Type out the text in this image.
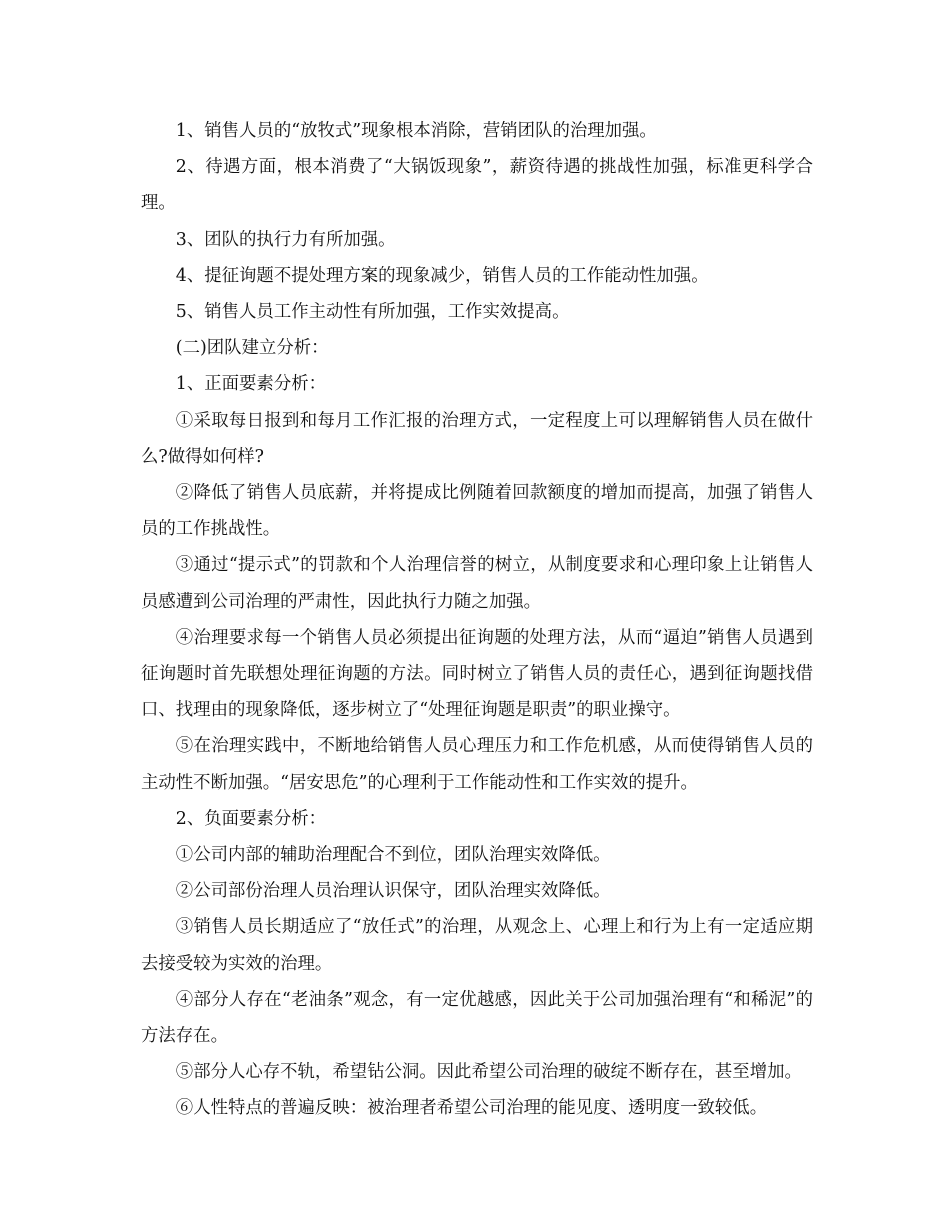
1、销售人员的“放牧式”现象根本消除，营销团队的治理加强。

2、待遇方面，根本消费了“大锅饭现象”，薪资待遇的挑战性加强，标准更科学合理。

3、团队的执行力有所加强。

4、提征询题不提处理方案的现象减少，销售人员的工作能动性加强。

5、销售人员工作主动性有所加强，工作实效提高。

(二)团队建立分析：

1、正面要素分析：

①采取每日报到和每月工作汇报的治理方式，一定程度上可以理解销售人员在做什么?做得如何样?

②降低了销售人员底薪，并将提成比例随着回款额度的增加而提高，加强了销售人员的工作挑战性。

③通过“提示式”的罚款和个人治理信誉的树立，从制度要求和心理印象上让销售人员感遭到公司治理的严肃性，因此执行力随之加强。

④治理要求每一个销售人员必须提出征询题的处理方法，从而“逼迫”销售人员遇到征询题时首先联想处理征询题的方法。同时树立了销售人员的责任心，遇到征询题找借口、找理由的现象降低，逐步树立了“处理征询题是职责”的职业操守。

⑤在治理实践中，不断地给销售人员心理压力和工作危机感，从而使得销售人员的主动性不断加强。“居安思危”的心理利于工作能动性和工作实效的提升。

2、负面要素分析：

①公司内部的辅助治理配合不到位，团队治理实效降低。

②公司部份治理人员治理认识保守，团队治理实效降低。

③销售人员长期适应了“放任式”的治理，从观念上、心理上和行为上有一定适应期去接受较为实效的治理。

④部分人存在“老油条”观念，有一定优越感，因此关于公司加强治理有“和稀泥”的方法存在。

⑤部分人心存不轨，希望钻公洞。因此希望公司治理的破绽不断存在，甚至增加。

⑥人性特点的普遍反映：被治理者希望公司治理的能见度、透明度一致较低。
